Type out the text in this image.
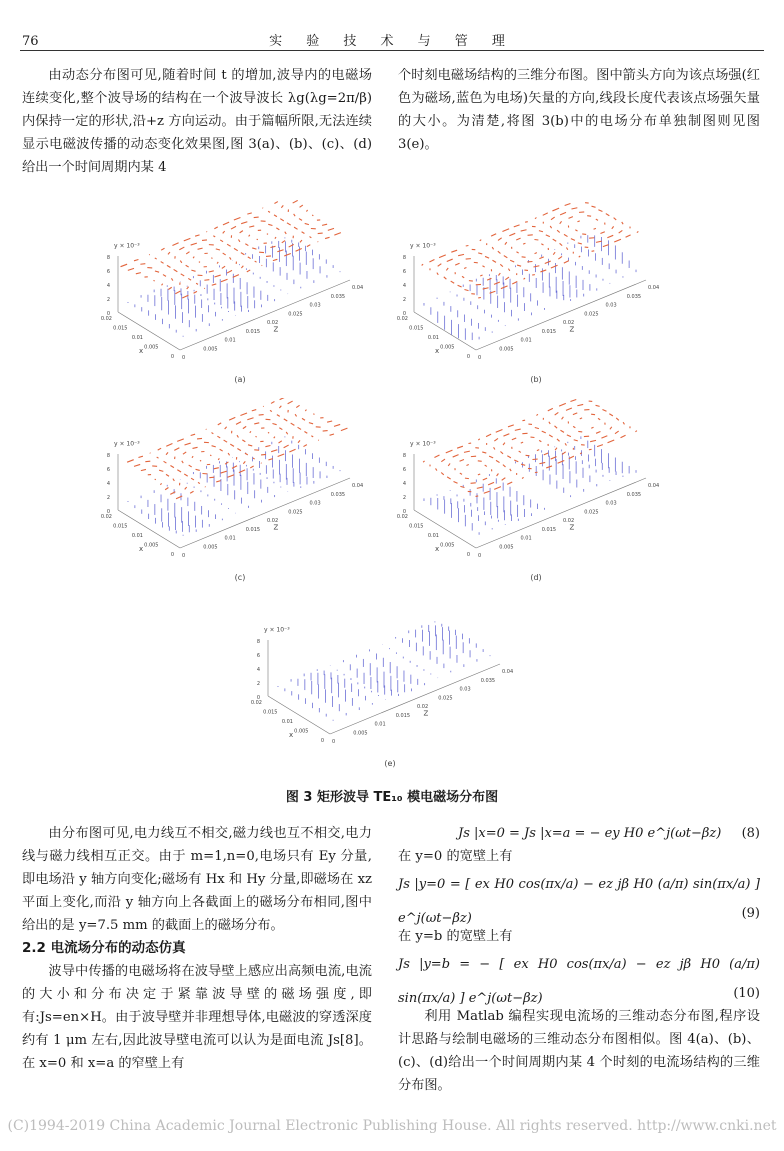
76	实 验 技 术 与 管 理

由动态分布图可见,随着时间 t 的增加,波导内的电磁场连续变化,整个波导场的结构在一个波导波长 λg(λg=2π/β)内保持一定的形状,沿+z 方向运动。由于篇幅所限,无法连续显示电磁波传播的动态变化效果图,图 3(a)、(b)、(c)、(d)给出一个时间周期内某 4

个时刻电磁场结构的三维分布图。图中箭头方向为该点场强(红色为磁场,蓝色为电场)矢量的方向,线段长度代表该点场强矢量的大小。为清楚,将图 3(b)中的电场分布单独制图则见图 3(e)。

8
6
4
2
0
0.02
0.015
0.01
0.005
0 0
0.005
0.01
0.015
0.02
0.025
0.03
0.035
0.04
y × 10⁻³
Z
x
(a)
8
6
4
2
0
0.02
0.015
0.01
0.005
0 0
0.005
0.01
0.015
0.02
0.025
0.03
0.035
0.04
y × 10⁻³
Z
x
(b)
8
6
4
2
0
0.02
0.015
0.01
0.005
0 0
0.005
0.01
0.015
0.02
0.025
0.03
0.035
0.04
y × 10⁻³
Z
x
(c)
8
6
4
2
0
0.02
0.015
0.01
0.005
0 0
0.005
0.01
0.015
0.02
0.025
0.03
0.035
0.04
y × 10⁻³
Z
x
(d)
8
6
4
2
0
0.02
0.015
0.01
0.005
0 0
0.005
0.01
0.015
0.02
0.025
0.03
0.035
0.04
y × 10⁻³
Z
x
(e)
图 3 矩形波导 TE₁₀ 模电磁场分布图

由分布图可见,电力线互不相交,磁力线也互不相交,电力线与磁力线相互正交。由于 m=1,n=0,电场只有 Ey 分量,即电场沿 y 轴方向变化;磁场有 Hx 和 Hy 分量,即磁场在 xz 平面上变化,而沿 y 轴方向上各截面上的磁场分布相同,图中给出的是 y=7.5 mm 的截面上的磁场分布。

2.2 电流场分布的动态仿真

波导中传播的电磁场将在波导壁上感应出高频电流,电流的大小和分布决定于紧靠波导壁的磁场强度,即有:Js=en×H。由于波导壁并非理想导体,电磁波的穿透深度约有 1 μm 左右,因此波导壁电流可以认为是面电流 Js[8]。在 x=0 和 x=a 的窄壁上有

Js |x=0 = Js |x=a = − ey H0 e^j(ωt−βz) (8)

在 y=0 的宽壁上有

Js |y=0 = [ ex H0 cos(πx/a) − ez jβ H0 (a/π) sin(πx/a) ] e^j(ωt−βz)	(9)

在 y=b 的宽壁上有

Js |y=b = − [ ex H0 cos(πx/a) − ez jβ H0 (a/π) sin(πx/a) ] e^j(ωt−βz)	(10)

利用 Matlab 编程实现电流场的三维动态分布图,程序设计思路与绘制电磁场的三维动态分布图相似。图 4(a)、(b)、(c)、(d)给出一个时间周期内某 4 个时刻的电流场结构的三维分布图。

(C)1994-2019 China Academic Journal Electronic Publishing House. All rights reserved. http://www.cnki.net
